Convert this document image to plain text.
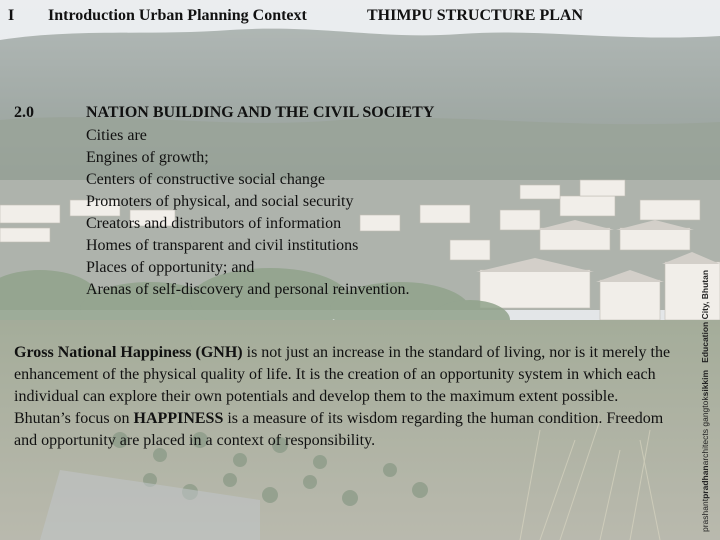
I Introduction Urban Planning Context	THIMPU STRUCTURE PLAN
2.0	NATION BUILDING AND THE CIVIL SOCIETY
Cities are
Engines of growth;
Centers of constructive social change
Promoters of physical, and social security
Creators and distributors of information
Homes of transparent and civil institutions
Places of opportunity; and
Arenas of self-discovery and personal reinvention.

Gross National Happiness (GNH) is not just an increase in the standard of living, nor is it merely the enhancement of the physical quality of life. It is the creation of an opportunity system in which each individual can explore their own potentials and develop them to the maximum extent possible. Bhutan’s focus on HAPPINESS is a measure of its wisdom regarding the human condition. Freedom and opportunity are placed in a context of responsibility.

prashantpradhanarchitects gangtoksikkim   Education City, Bhutan
